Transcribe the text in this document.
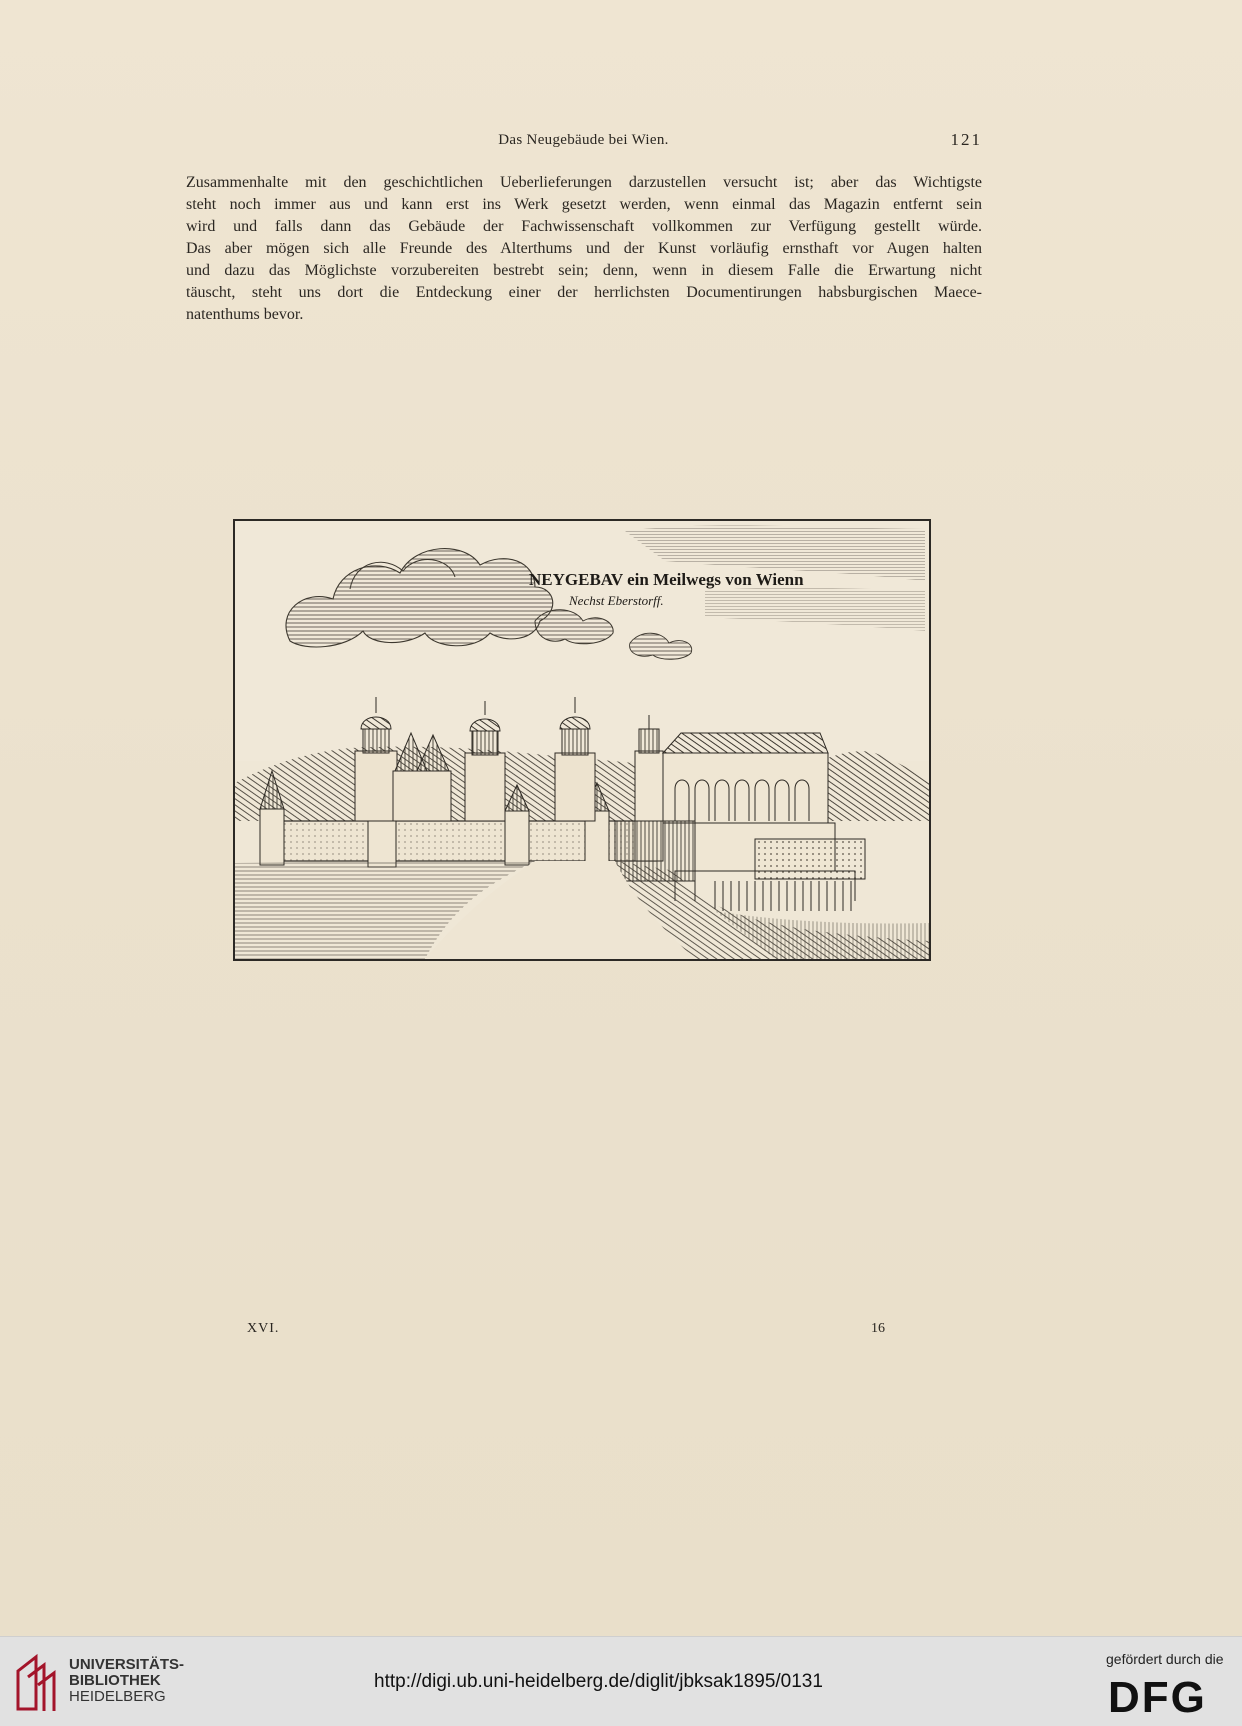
Das Neugebäude bei Wien.	121

Zusammenhalte mit den geschichtlichen Ueberlieferungen darzustellen versucht ist; aber das Wichtigste
steht noch immer aus und kann erst ins Werk gesetzt werden, wenn einmal das Magazin entfernt sein
wird und falls dann das Gebäude der Fachwissenschaft vollkommen zur Verfügung gestellt würde.
Das aber mögen sich alle Freunde des Alterthums und der Kunst vorläufig ernsthaft vor Augen halten
und dazu das Möglichste vorzubereiten bestrebt sein; denn, wenn in diesem Falle die Erwartung nicht
täuscht, steht uns dort die Entdeckung einer der herrlichsten Documentirungen habsburgischen Maece-
natenthums bevor.

NEYGEBAV ein Meilwegs von Wienn
Nechst Eberstorff.
XVI.	16
UNIVERSITÄTS-
BIBLIOTHEK
HEIDELBERG
http://digi.ub.uni-heidelberg.de/diglit/jbksak1895/0131
gefördert durch die
DFG
